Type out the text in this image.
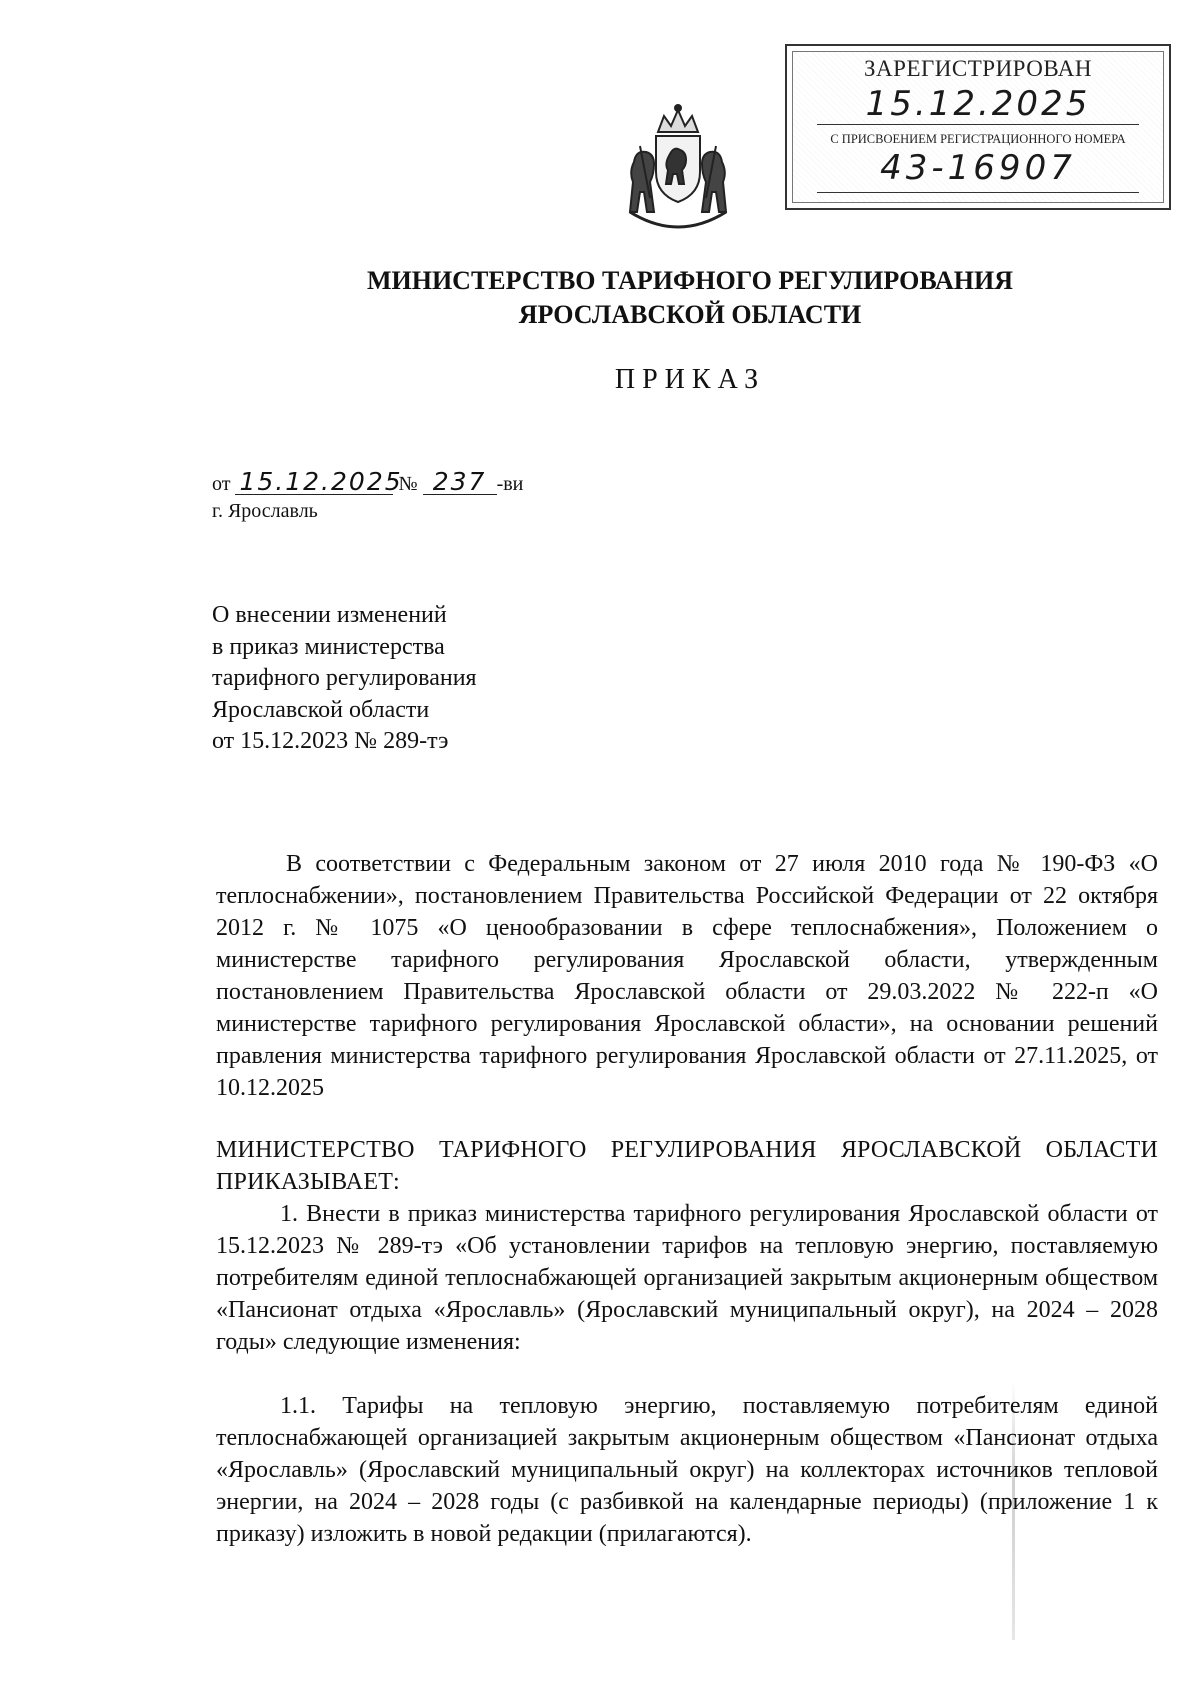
ЗАРЕГИСТРИРОВАН
15.12.2025
С ПРИСВОЕНИЕМ РЕГИСТРАЦИОННОГО НОМЕРА
43-16907
МИНИСТЕРСТВО ТАРИФНОГО РЕГУЛИРОВАНИЯ
ЯРОСЛАВСКОЙ ОБЛАСТИ
ПРИКАЗ
от 15.12.2025 № 237 -ви
г. Ярославль
О внесении изменений
в приказ министерства
тарифного регулирования
Ярославской области
от 15.12.2023 № 289-тэ
В соответствии с Федеральным законом от 27 июля 2010 года № 190-ФЗ «О теплоснабжении», постановлением Правительства Российской Федерации от 22 октября 2012 г. № 1075 «О ценообразовании в сфере теплоснабжения», Положением о министерстве тарифного регулирования Ярославской области, утвержденным постановлением Правительства Ярославской области от 29.03.2022 № 222-п «О министерстве тарифного регулирования Ярославской области», на основании решений правления министерства тарифного регулирования Ярославской области от 27.11.2025, от 10.12.2025
МИНИСТЕРСТВО ТАРИФНОГО РЕГУЛИРОВАНИЯ ЯРОСЛАВСКОЙ ОБЛАСТИ ПРИКАЗЫВАЕТ:
1. Внести в приказ министерства тарифного регулирования Ярославской области от 15.12.2023 № 289-тэ «Об установлении тарифов на тепловую энергию, поставляемую потребителям единой теплоснабжающей организацией закрытым акционерным обществом «Пансионат отдыха «Ярославль» (Ярославский муниципальный округ), на 2024 – 2028 годы» следующие изменения:
1.1. Тарифы на тепловую энергию, поставляемую потребителям единой теплоснабжающей организацией закрытым акционерным обществом «Пансионат отдыха «Ярославль» (Ярославский муниципальный округ) на коллекторах источников тепловой энергии, на 2024 – 2028 годы (с разбивкой на календарные периоды) (приложение 1 к приказу) изложить в новой редакции (прилагаются).
